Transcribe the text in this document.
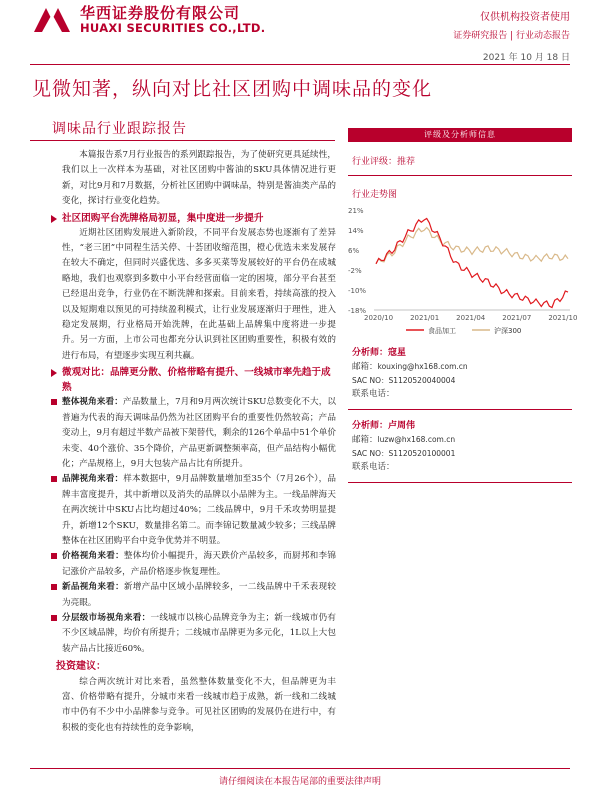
华西证券股份有限公司
HUAXI SECURITIES CO.,LTD.
仅供机构投资者使用
证券研究报告 | 行业动态报告
2021 年 10 月 18 日
见微知著，纵向对比社区团购中调味品的变化
调味品行业跟踪报告

本篇报告系7月行业报告的系列跟踪报告，为了使研究更具延续性，我们以上一次样本为基础，对社区团购中酱油的SKU具体情况进行更新，对比9月和7月数据，分析社区团购中调味品，特别是酱油类产品的变化，探讨行业变化趋势。

社区团购平台洗牌格局初显，集中度进一步提升

近期社区团购发展进入新阶段，不同平台发展态势也逐渐有了差异性，“老三团”中同程生活关停、十荟团收缩范围，橙心优选未来发展存在较大不确定，但同时兴盛优选、多多买菜等发展较好的平台仍在成城略地，我们也观察到多数中小平台经营面临一定的困境，部分平台甚至已经退出竞争，行业仍在不断洗牌和探索。目前来看，持续高涨的投入以及短期难以预见的可持续盈利模式，让行业发展逐渐归于理性，进入稳定发展期，行业格局开始洗牌，在此基础上品牌集中度将进一步提升。另一方面，上市公司也都充分认识到社区团购重要性，积极有效的进行布局，有望逐步实现互利共赢。

微观对比：品牌更分散、价格带略有提升、一线城市率先趋于成熟

整体视角来看：产品数量上，7月和9月两次统计SKU总数变化不大，以普遍为代表的海天调味品仍然为社区团购平台的重要性仍然较高；产品变动上，9月有超过半数产品被下架替代，剩余的126个单品中51个单价未变、40个涨价、35个降价，产品更新调整频率高，但产品结构小幅优化；产品规格上，9月大包装产品占比有所提升。

品牌视角来看：样本数据中，9月品牌数量增加至35个（7月26个），品牌丰富度提升，其中新增以及消失的品牌以小品牌为主。一线品牌海天在两次统计中SKU占比均超过40%；二线品牌中，9月千禾攻势明显提升，新增12个SKU，数量排名第二。而李锦记数量减少较多；三线品牌整体在社区团购平台中竞争优势并不明显。

价格视角来看：整体均价小幅提升，海天跌价产品较多，而厨邦和李锦记涨价产品较多，产品价格逐步恢复理性。

新品视角来看：新增产品中区域小品牌较多，一二线品牌中千禾表现较为亮眼。

分层级市场视角来看：一线城市以核心品牌竞争为主；新一线城市仍有不少区域品牌，均价有所提升；二线城市品牌更为多元化，1L以上大包装产品占比接近60%。

投资建议：

综合两次统计对比来看，虽然整体数量变化不大，但品牌更为丰富、价格带略有提升，分城市来看一线城市趋于成熟，新一线和二线城市中仍有不少中小品牌参与竞争。可见社区团购的发展仍在进行中，有积极的变化也有持续性的竞争影响，

评级及分析师信息
行业评级：推荐
行业走势图
21%
14%
6%
-2%
-10%
-18%
2020/10 2021/01 2021/04 2021/07 2021/10
食品加工	沪深300
分析师：寇星
邮箱：kouxing@hx168.com.cn
SAC NO：S1120520040004
联系电话：
分析师：卢周伟
邮箱：luzw@hx168.com.cn
SAC NO：S1120520100001
联系电话：
请仔细阅读在本报告尾部的重要法律声明
